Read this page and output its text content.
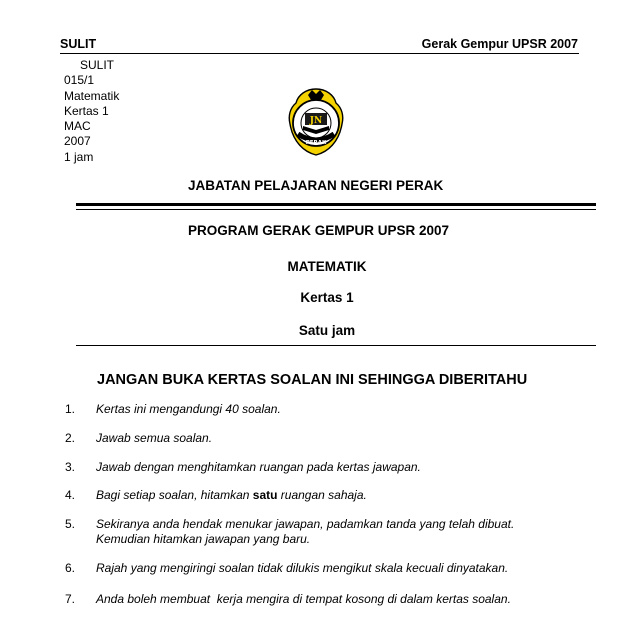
SULIT	Gerak Gempur UPSR 2007
SULIT
015/1
Matematik
Kertas 1
MAC
2007
1 jam
JN
PERAK
JABATAN PELAJARAN NEGERI PERAK
PROGRAM GERAK GEMPUR UPSR 2007
MATEMATIK
Kertas 1
Satu jam
JANGAN BUKA KERTAS SOALAN INI SEHINGGA DIBERITAHU
1. Kertas ini mengandungi 40 soalan.
2. Jawab semua soalan.
3. Jawab dengan menghitamkan ruangan pada kertas jawapan.
4. Bagi setiap soalan, hitamkan satu ruangan sahaja.
5. Sekiranya anda hendak menukar jawapan, padamkan tanda yang telah dibuat.
Kemudian hitamkan jawapan yang baru.
6. Rajah yang mengiringi soalan tidak dilukis mengikut skala kecuali dinyatakan.
7. Anda boleh membuat  kerja mengira di tempat kosong di dalam kertas soalan.
